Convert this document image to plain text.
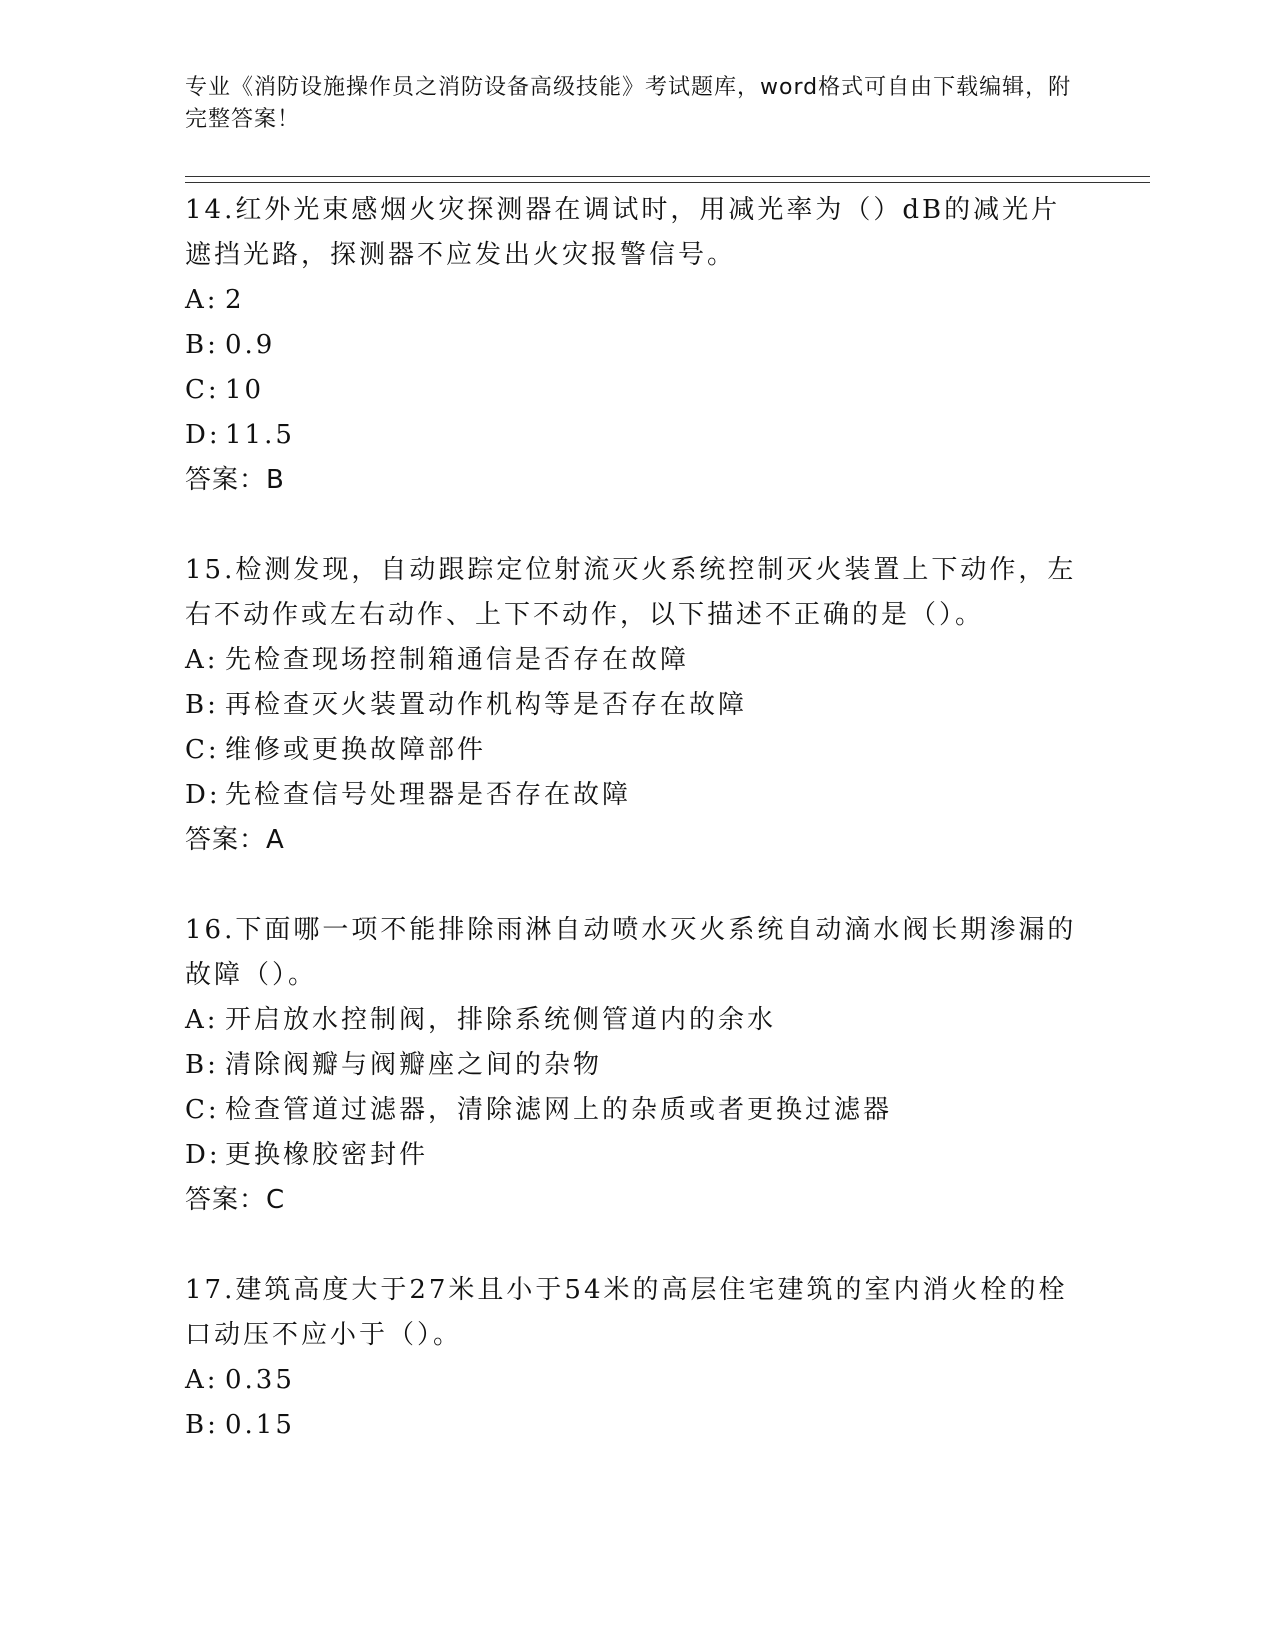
专业《消防设施操作员之消防设备高级技能》考试题库，word格式可自由下载编辑，附完整答案！

14.红外光束感烟火灾探测器在调试时，用减光率为（）dB的减光片遮挡光路，探测器不应发出火灾报警信号。

A: 2

B: 0.9

C: 10

D: 11.5

答案：B

15.检测发现，自动跟踪定位射流灭火系统控制灭火装置上下动作，左右不动作或左右动作、上下不动作，以下描述不正确的是（）。

A: 先检查现场控制箱通信是否存在故障

B: 再检查灭火装置动作机构等是否存在故障

C: 维修或更换故障部件

D: 先检查信号处理器是否存在故障

答案：A

16.下面哪一项不能排除雨淋自动喷水灭火系统自动滴水阀长期渗漏的故障（）。

A: 开启放水控制阀，排除系统侧管道内的余水

B: 清除阀瓣与阀瓣座之间的杂物

C: 检查管道过滤器，清除滤网上的杂质或者更换过滤器

D: 更换橡胶密封件

答案：C

17.建筑高度大于27米且小于54米的高层住宅建筑的室内消火栓的栓口动压不应小于（）。

A: 0.35

B: 0.15
